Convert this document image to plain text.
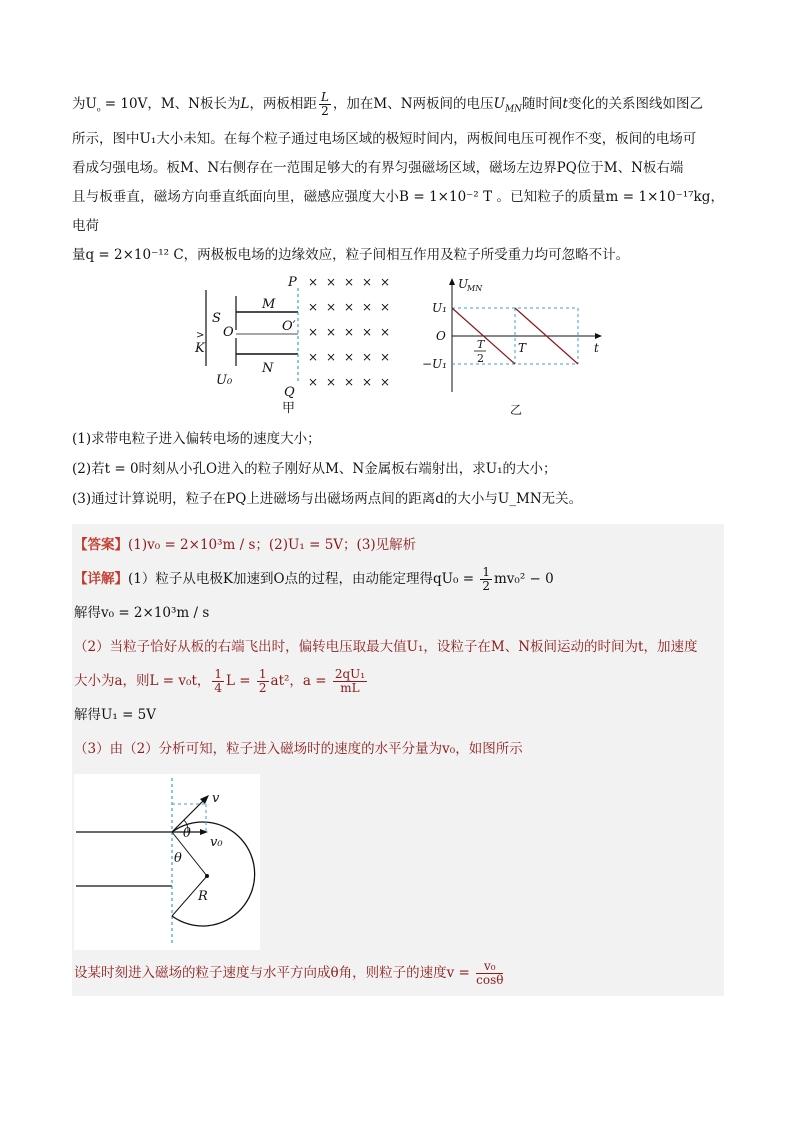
为$U_{_0} = 10V$，M、N板长为L，两板相距 $\frac{L}{2}$ ，加在M、N两板间的电压$U_{MN}$随时间t变化的关系图线如图乙

所示，图中U₁大小未知。在每个粒子通过电场区域的极短时间内，两板间电压可视作不变，板间的电场可

看成匀强电场。板M、N右侧存在一范围足够大的有界匀强磁场区域，磁场左边界PQ位于M、N板右端

且与板垂直，磁场方向垂直纸面向里，磁感应强度大小B = 1×10⁻² T 。已知粒子的质量m = 1×10⁻¹⁷kg，电荷

量q = 2×10⁻¹² C，两极板电场的边缘效应，粒子间相互作用及粒子所受重力均可忽略不计。

P
Q
M
N
O	O′
S
K
>
U₀
甲
× × × × ×
× × × × ×
× × × × ×
× × × × ×
× × × × ×
U
MN
t
O
U₁
−U₁
T
T
2
乙

(1)求带电粒子进入偏转电场的速度大小；

(2)若t = 0时刻从小孔O进入的粒子刚好从M、N金属板右端射出，求U₁的大小；

(3)通过计算说明，粒子在PQ上进磁场与出磁场两点间的距离d的大小与U_MN无关。

【答案】(1)v₀ = 2×10³m / s；(2)U₁ = 5V；(3)见解析

【详解】(1）粒子从电极K加速到O点的过程，由动能定理得$qU_0 = \frac{1}{2} mv_0^2 - 0$

解得v₀ = 2×10³m / s

（2）当粒子恰好从板的右端飞出时，偏转电压取最大值U₁，设粒子在M、N板间运动的时间为t，加速度

大小为a，则L = v₀t， $\frac{1}{4}$ $L = \frac{1}{2} at^2$，$a = \frac{\text{2qU₁}}{mL}$

解得U₁ = 5V

（3）由（2）分析可知，粒子进入磁场时的速度的水平分量为v₀，如图所示

v
v₀
θ
θ
R

设某时刻进入磁场的粒子速度与水平方向成θ角，则粒子的速度$v = \frac{\text{v₀}}{\cos\theta}$
